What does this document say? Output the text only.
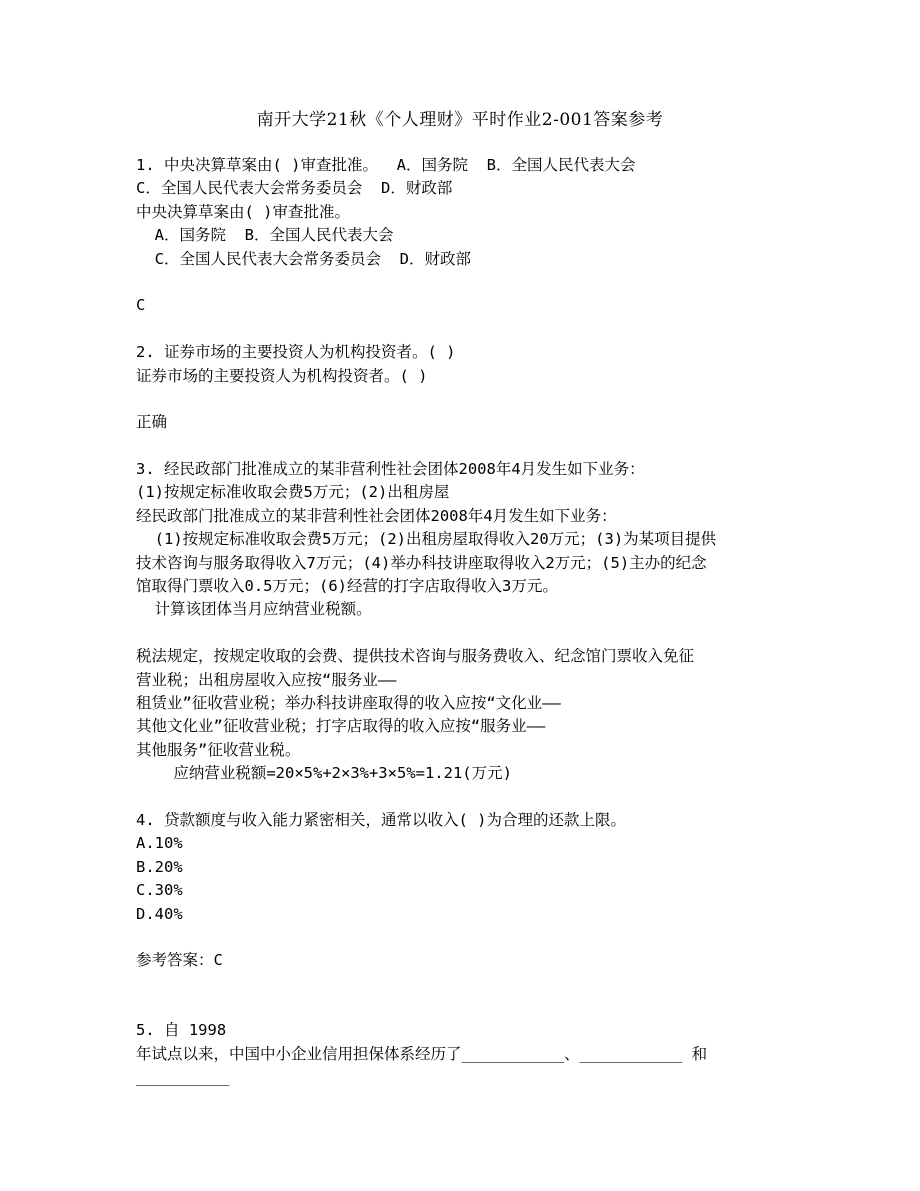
南开大学21秋《个人理财》平时作业2-001答案参考
1. 中央决算草案由( )审查批准。  A．国务院  B．全国人民代表大会
C．全国人民代表大会常务委员会  D．财政部
中央决算草案由( )审查批准。
A．国务院  B．全国人民代表大会
C．全国人民代表大会常务委员会  D．财政部
C
2. 证券市场的主要投资人为机构投资者。( )
证券市场的主要投资人为机构投资者。( )
正确
3. 经民政部门批准成立的某非营利性社会团体2008年4月发生如下业务：
(1)按规定标准收取会费5万元；(2)出租房屋
经民政部门批准成立的某非营利性社会团体2008年4月发生如下业务：
(1)按规定标准收取会费5万元；(2)出租房屋取得收入20万元；(3)为某项目提供
技术咨询与服务取得收入7万元；(4)举办科技讲座取得收入2万元；(5)主办的纪念
馆取得门票收入0.5万元；(6)经营的打字店取得收入3万元。
计算该团体当月应纳营业税额。
税法规定，按规定收取的会费、提供技术咨询与服务费收入、纪念馆门票收入免征
营业税；出租房屋收入应按“服务业——
租赁业”征收营业税；举办科技讲座取得的收入应按“文化业——
其他文化业”征收营业税；打字店取得的收入应按“服务业——
其他服务”征收营业税。
应纳营业税额=20×5%+2×3%+3×5%=1.21(万元)
4. 贷款额度与收入能力紧密相关，通常以收入( )为合理的还款上限。
A.10%
B.20%
C.30%
D.40%
参考答案：C
5. 自 1998
年试点以来，中国中小企业信用担保体系经历了___________、___________ 和
__________
